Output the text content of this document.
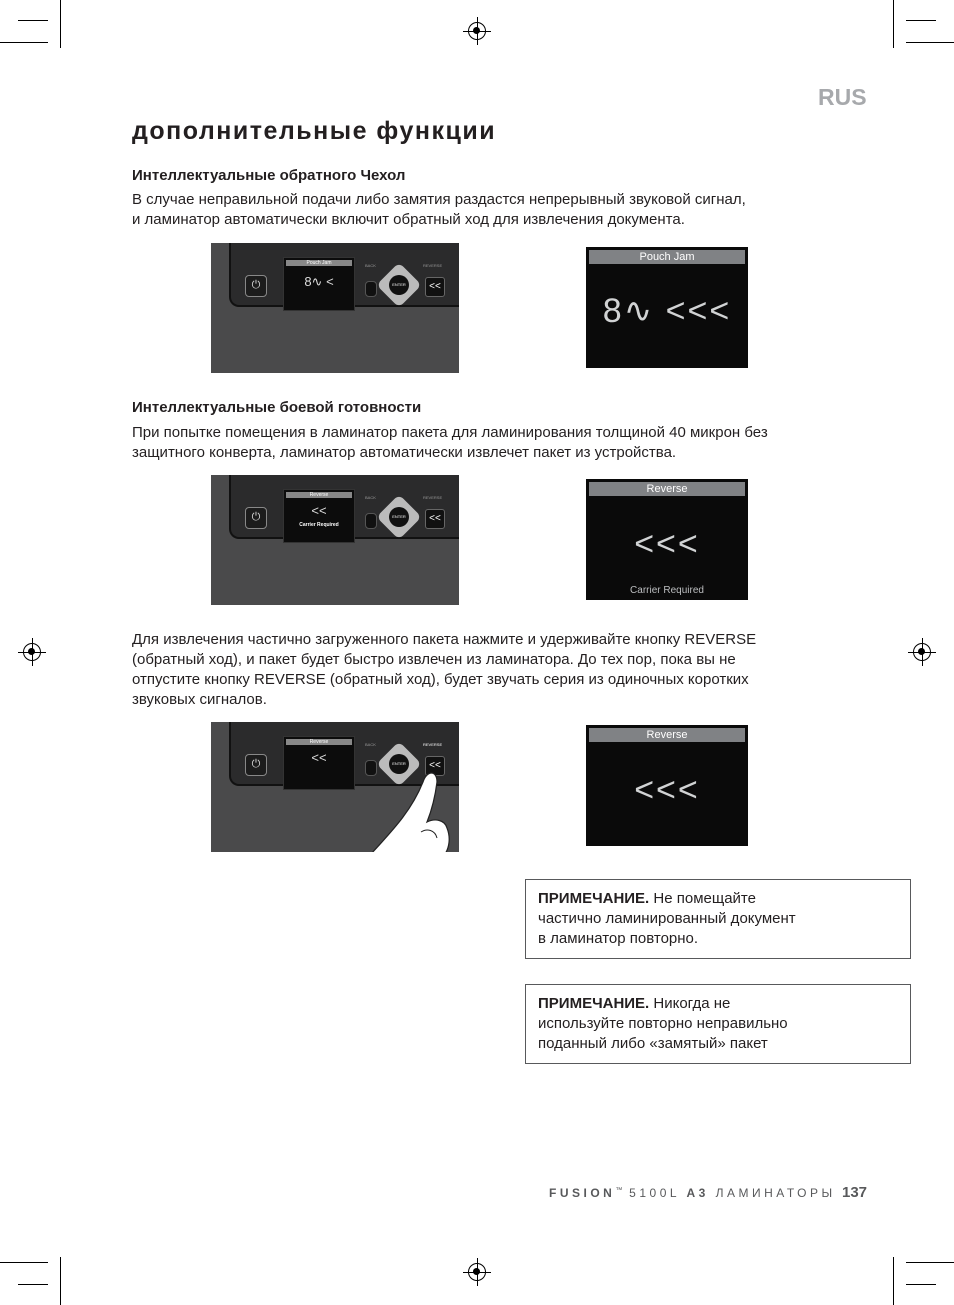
RUS
дополнительные функции
Интеллектуальные обратного Чехол

В случае неправильной подачи либо замятия раздастся непрерывный звуковой сигнал,

и ламинатор автоматически включит обратный ход для извлечения документа.

⏻
Pouch Jam
8∿ <
BACK
ENTER
REVERSE
<<
Pouch Jam
8∿ <<<
Интеллектуальные боевой готовности

При попытке помещения в ламинатор пакета для ламинирования толщиной 40 микрон без

защитного конверта, ламинатор автоматически извлечет пакет из устройства.

⏻
Reverse
<<
Carrier Required
BACK
ENTER
REVERSE
<<
Reverse
<<<
Carrier Required

Для извлечения частично загруженного пакета нажмите и удерживайте кнопку REVERSE

(обратный ход), и пакет будет быстро извлечен из ламинатора. До тех пор, пока вы не

отпустите кнопку REVERSE (обратный ход), будет звучать серия из одиночных коротких

звуковых сигналов.

⏻
Reverse
<<
BACK
ENTER
REVERSE
<<
Reverse
<<<
ПРИМЕЧАНИЕ. Не помещайте
частично ламинированный документ
в ламинатор повторно.
ПРИМЕЧАНИЕ. Никогда не
используйте повторно неправильно
поданный либо «замятый» пакет
FUSION™ 5100L A3 ЛАМИНАТОРЫ 137
